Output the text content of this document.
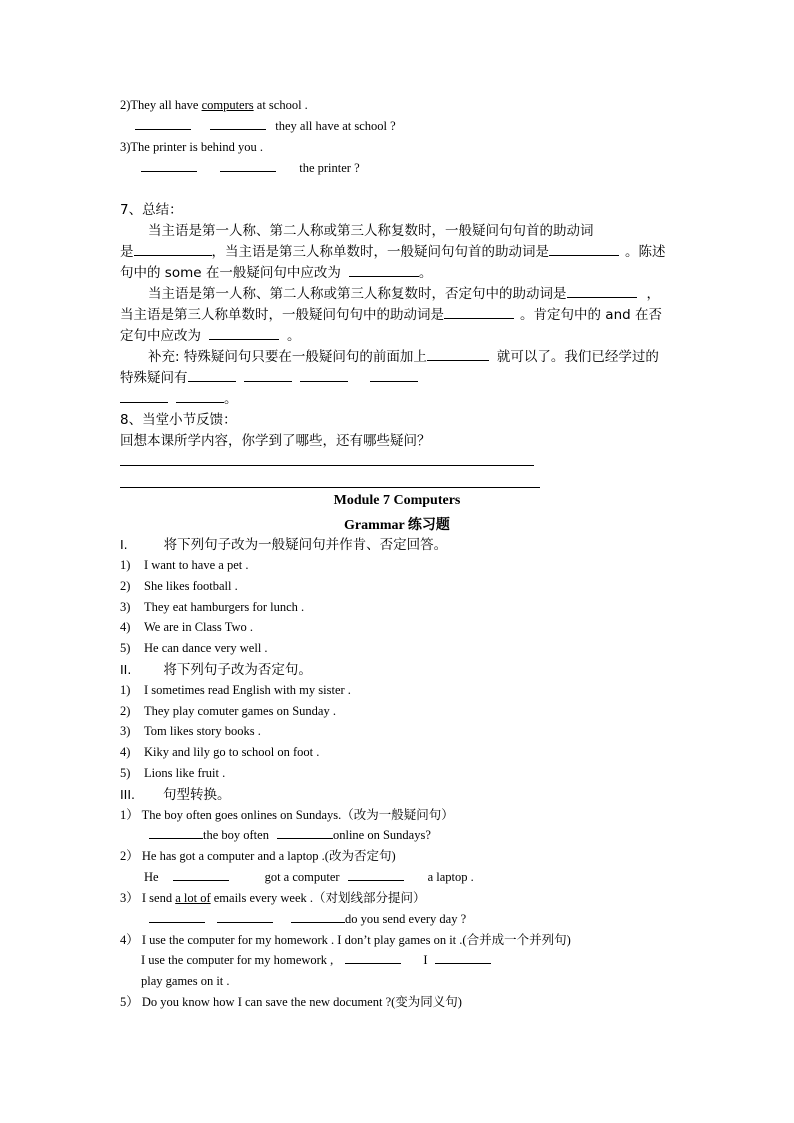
2)They all have computers at school .
they all have at school ?
3)The printer is behind you .
the printer ?
7、总结：
当主语是第一人称、第二人称或第三人称复数时，一般疑问句句首的助动词
是	，当主语是第三人称单数时，一般疑问句句首的助动词是	。陈述
句中的 some 在一般疑问句中应改为	。
当主语是第一人称、第二人称或第三人称复数时，否定句中的助动词是	，
当主语是第三人称单数时，一般疑问句句中的助动词是	。肯定句中的 and 在否
定句中应改为	。
补充: 特殊疑问句只要在一般疑问句的前面加上	就可以了。我们已经学过的
特殊疑问有
。
8、当堂小节反馈：
回想本课所学内容，你学到了哪些，还有哪些疑问？
Module 7 Computers
Grammar 练习题
I.	将下列句子改为一般疑问句并作肯、否定回答。
1) I want to have a pet .
2) She likes football .
3) They eat hamburgers for lunch .
4) We are in Class Two .
5) He can dance very well .
II. 将下列句子改为否定句。
1) I sometimes read English with my sister .
2) They play comuter games on Sunday .
3) Tom likes story books .
4) Kiky and lily go to school on foot .
5) Lions like fruit .
III. 句型转换。
1） The boy often goes onlines on Sundays.（改为一般疑问句）
the boy often	online on Sundays?
2） He has got a computer and a laptop .(改为否定句)
He	got a computer	a laptop .
3） I send a lot of emails every week .（对划线部分提问）
do you send every day ?
4） I use the computer for my homework . I don’t play games on it .(合并成一个并列句)
I use the computer for my homework ,	I
play games on it .
5） Do you know how I can save the new document ?(变为同义句)
